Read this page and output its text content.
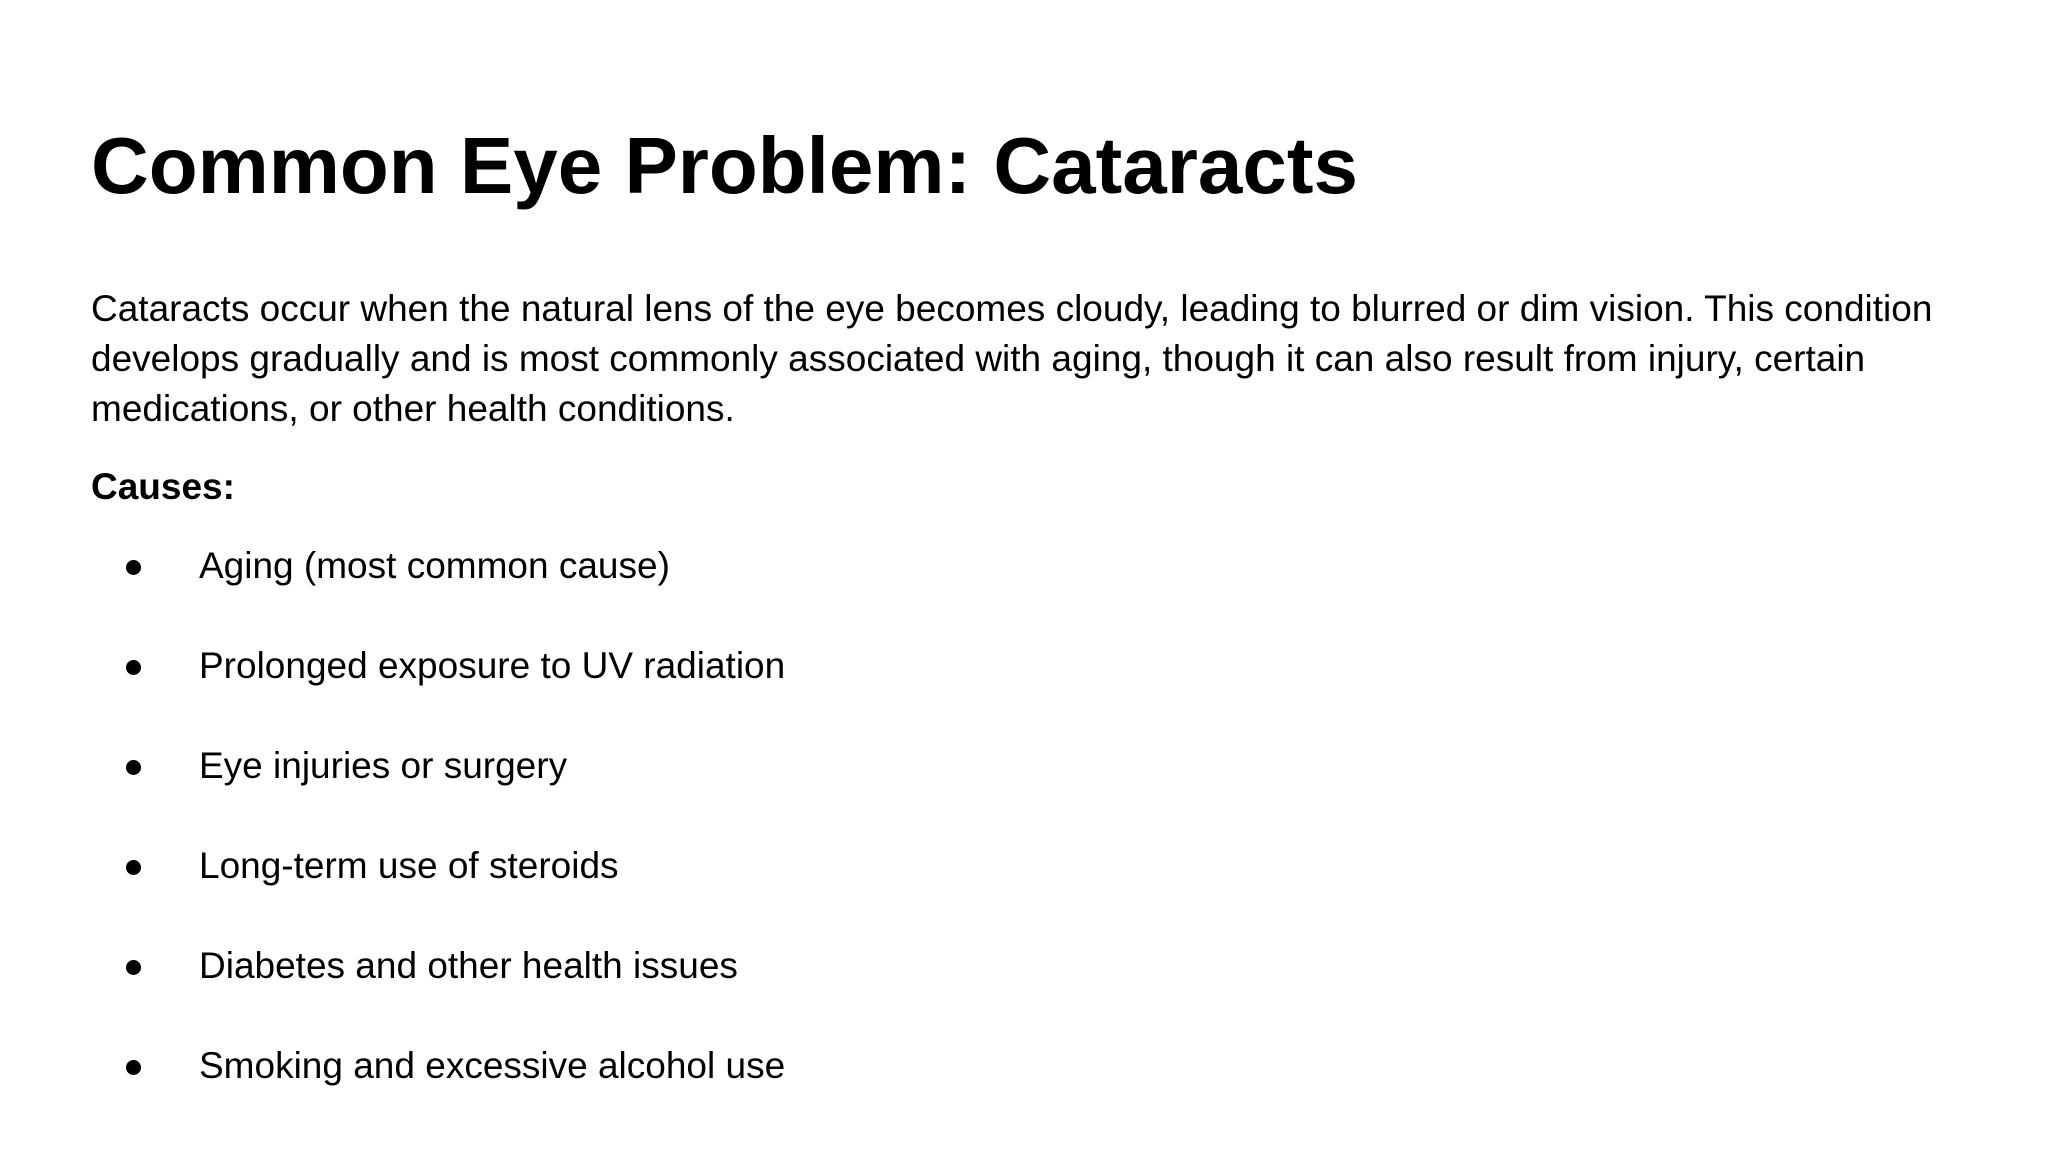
Common Eye Problem: Cataracts

Cataracts occur when the natural lens of the eye becomes cloudy, leading to blurred or dim vision. This condition develops gradually and is most commonly associated with aging, though it can also result from injury, certain medications, or other health conditions.

Causes:
Aging (most common cause)
Prolonged exposure to UV radiation
Eye injuries or surgery
Long-term use of steroids
Diabetes and other health issues
Smoking and excessive alcohol use
